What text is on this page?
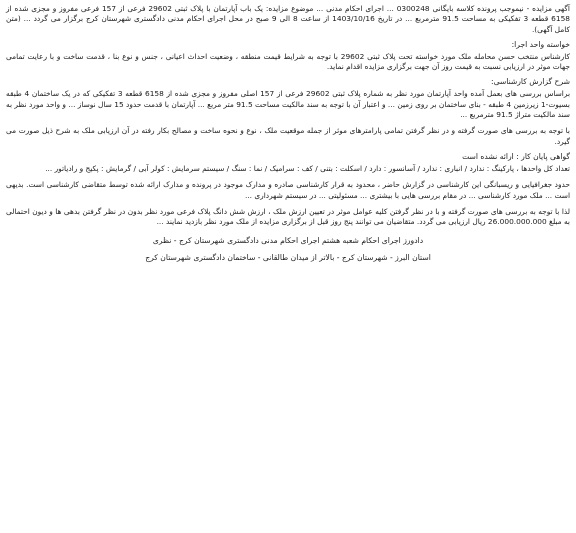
آگهی مزایده - نیموجب پرونده کلاسه بایگانی 0300248 ... اجرای احکام مدنی ... موضوع مزایده: یک باب آپارتمان با پلاک ثبتی 29602 فرعی از 157 فرعی مفروز و مجزی شده از 6158 قطعه 3 تفکیکی به مساحت 91.5 مترمربع ... در تاریخ 1403/10/16 از ساعت 8 الی 9 صبح در محل اجرای احکام مدنی دادگستری شهرستان کرج برگزار می گردد ... (متن کامل آگهی).

خواسته واحد اجرا:

کارشناس منتخب حسن محامله ملک مورد خواسته تحت پلاک ثبتی 29602 با توجه به شرایط قیمت منطقه ، وضعیت احداث اعیانی ، جنس و نوع بنا ، قدمت ساخت و با رعایت تمامی جهات موثر در ارزیابی نسبت به قیمت روز آن جهت برگزاری مزایده اقدام نماید.

شرح گزارش کارشناسی:

براساس بررسی های بعمل آمده واحد آپارتمان مورد نظر به شماره پلاک ثبتی 29602 فرعی از 157 اصلی مفروز و مجزی شده از 6158 قطعه 3 تفکیکی که در یک ساختمان 4 طبقه بسیوت-1 زیرزمین 4 طبقه - بنای ساختمان بر روی زمین ... و اعتبار آن با توجه به سند مالکیت مساحت 91.5 متر مربع ... آپارتمان با قدمت حدود 15 سال نوساز ... و واحد مورد نظر به سند مالکیت متراژ 91.5 مترمربع ...

با توجه به بررسی های صورت گرفته و در نظر گرفتن تمامی پارامترهای موثر از جمله موقعیت ملک ، نوع و نحوه ساخت و مصالح بکار رفته در آن ارزیابی ملک به شرح ذیل صورت می گیرد.

گواهی پایان کار : ارائه نشده است

تعداد کل واحدها ، پارکینگ : ندارد / انباری : ندارد / آسانسور : دارد / اسکلت : بتنی / کف : سرامیک / نما : سنگ / سیستم سرمایش : کولر آبی / گرمایش : پکیج و رادیاتور ...

حدود جغرافیایی و ریسبانگی این کارشناسی در گزارش حاضر ، محدود به قرار کارشناسی صادره و مدارک موجود در پرونده و مدارک ارائه شده توسط متقاضی کارشناسی است. بدیهی است ... ملک مورد کارشناسی ... در مقام بررسی هایی با بیشتری ... مسئولیتی ... در سیستم شهرداری ...

لذا با توجه به بررسی های صورت گرفته و با در نظر گرفتن کلیه عوامل موثر در تعیین ارزش ملک ، ارزش شش دانگ پلاک فرعی مورد نظر بدون در نظر گرفتن بدهی ها و دیون احتمالی به مبلغ 26.000.000.000 ریال ارزیابی می گردد. متقاضیان می توانند پنج روز قبل از برگزاری مزایده از ملک مورد نظر بازدید نمایند ...

دادورز اجرای احکام شعبه هشتم اجرای احکام مدنی دادگستری شهرستان کرج - نظری

استان البرز - شهرستان کرج - بالاتر از میدان طالقانی - ساختمان دادگستری شهرستان کرج
